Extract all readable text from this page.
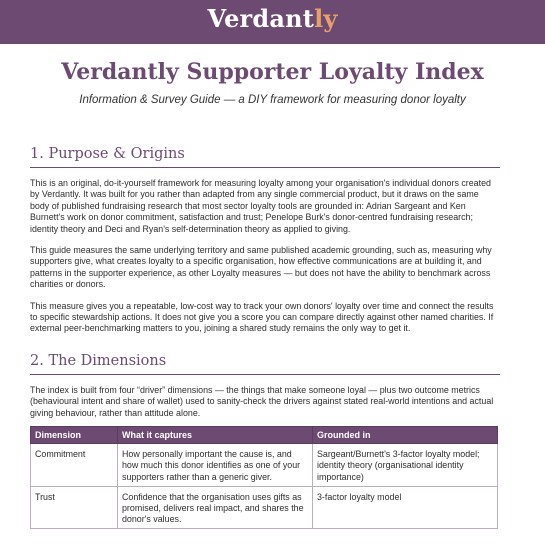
Verdantly
Verdantly Supporter Loyalty Index
Information & Survey Guide — a DIY framework for measuring donor loyalty
1. Purpose & Origins

This is an original, do-it-yourself framework for measuring loyalty among your organisation's individual donors created by Verdantly. It was built for you rather than adapted from any single commercial product, but it draws on the same body of published fundraising research that most sector loyalty tools are grounded in: Adrian Sargeant and Ken Burnett's work on donor commitment, satisfaction and trust; Penelope Burk's donor-centred fundraising research; identity theory and Deci and Ryan's self-determination theory as applied to giving.

This guide measures the same underlying territory and same published academic grounding, such as, measuring why supporters give, what creates loyalty to a specific organisation, how effective communications are at building it, and patterns in the supporter experience, as other Loyalty measures — but does not have the ability to benchmark across charities or donors.

This measure gives you a repeatable, low-cost way to track your own donors' loyalty over time and connect the results to specific stewardship actions. It does not give you a score you can compare directly against other named charities. If external peer-benchmarking matters to you, joining a shared study remains the only way to get it.

2. The Dimensions

The index is built from four “driver” dimensions — the things that make someone loyal — plus two outcome metrics (behavioural intent and share of wallet) used to sanity-check the drivers against stated real-world intentions and actual giving behaviour, rather than attitude alone.

Dimension	What it captures	Grounded in
Commitment	How personally important the cause is, and how much this donor identifies as one of your supporters rather than a generic giver.	Sargeant/Burnett's 3-factor loyalty model; identity theory (organisational identity importance)
Trust	Confidence that the organisation uses gifts as promised, delivers real impact, and shares the donor's values.	3-factor loyalty model
